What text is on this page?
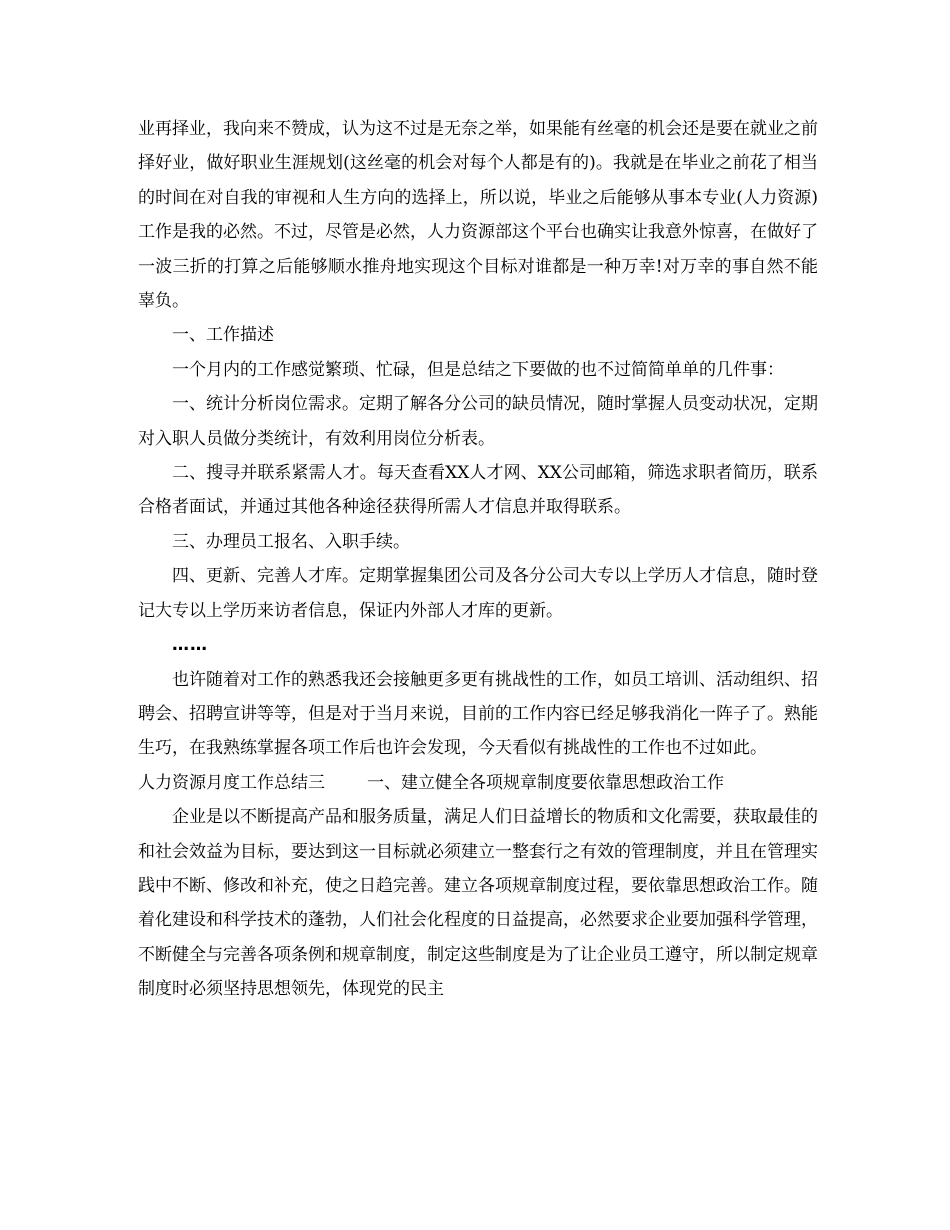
业再择业，我向来不赞成，认为这不过是无奈之举，如果能有丝毫的机会还是要在就业之前择好业，做好职业生涯规划(这丝毫的机会对每个人都是有的)。我就是在毕业之前花了相当的时间在对自我的审视和人生方向的选择上，所以说，毕业之后能够从事本专业(人力资源)工作是我的必然。不过，尽管是必然，人力资源部这个平台也确实让我意外惊喜，在做好了一波三折的打算之后能够顺水推舟地实现这个目标对谁都是一种万幸!对万幸的事自然不能辜负。

一、工作描述

一个月内的工作感觉繁琐、忙碌，但是总结之下要做的也不过简简单单的几件事：

一、统计分析岗位需求。定期了解各分公司的缺员情况，随时掌握人员变动状况，定期对入职人员做分类统计，有效利用岗位分析表。

二、搜寻并联系紧需人才。每天查看XX人才网、XX公司邮箱，筛选求职者简历，联系合格者面试，并通过其他各种途径获得所需人才信息并取得联系。

三、办理员工报名、入职手续。

四、更新、完善人才库。定期掌握集团公司及各分公司大专以上学历人才信息，随时登记大专以上学历来访者信息，保证内外部人才库的更新。

……

也许随着对工作的熟悉我还会接触更多更有挑战性的工作，如员工培训、活动组织、招聘会、招聘宣讲等等，但是对于当月来说，目前的工作内容已经足够我消化一阵子了。熟能生巧，在我熟练掌握各项工作后也许会发现，今天看似有挑战性的工作也不过如此。

人力资源月度工作总结三 一、建立健全各项规章制度要依靠思想政治工作

企业是以不断提高产品和服务质量，满足人们日益增长的物质和文化需要，获取最佳的和社会效益为目标，要达到这一目标就必须建立一整套行之有效的管理制度，并且在管理实践中不断、修改和补充，使之日趋完善。建立各项规章制度过程，要依靠思想政治工作。随着化建设和科学技术的蓬勃，人们社会化程度的日益提高，必然要求企业要加强科学管理，不断健全与完善各项条例和规章制度，制定这些制度是为了让企业员工遵守，所以制定规章制度时必须坚持思想领先，体现党的民主
